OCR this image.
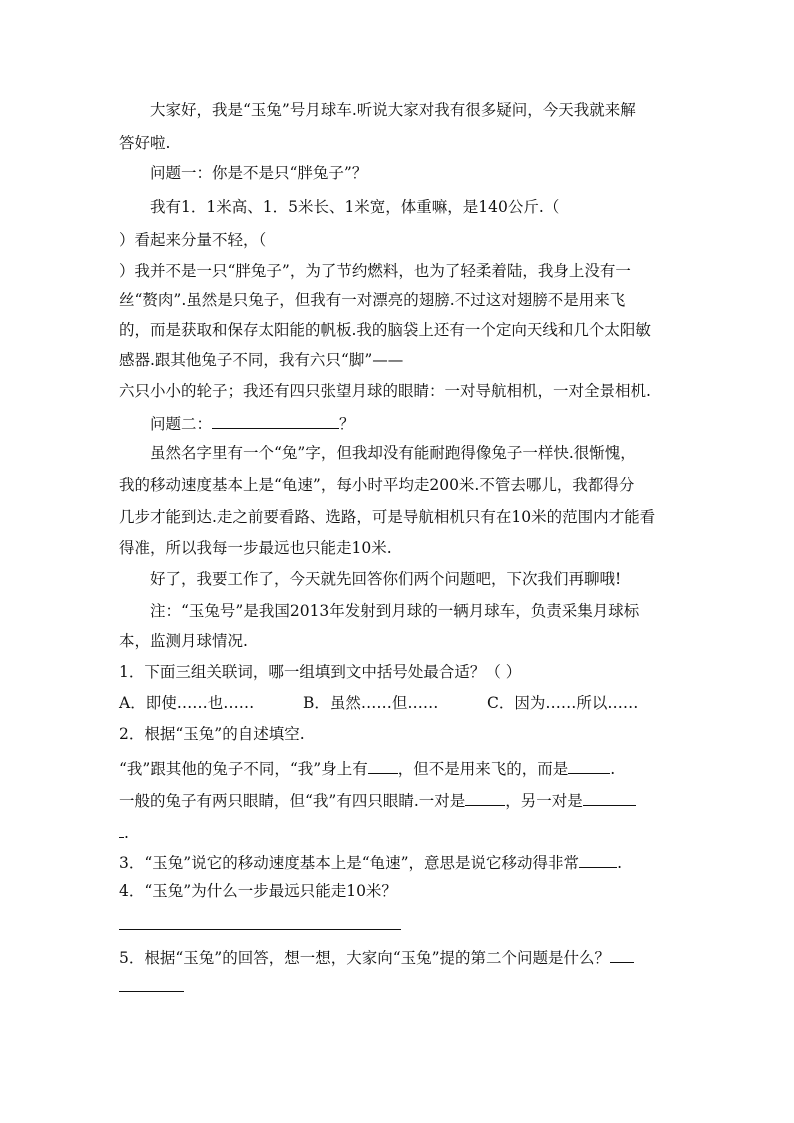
大家好，我是“玉兔”号月球车.听说大家对我有很多疑问，今天我就来解
答好啦.
问题一：你是不是只“胖兔子”？
我有1．1米高、1．5米长、1米宽，体重嘛，是140公斤.（
）看起来分量不轻，（
）我并不是一只“胖兔子”，为了节约燃料，也为了轻柔着陆，我身上没有一
丝“赘肉”.虽然是只兔子，但我有一对漂亮的翅膀.不过这对翅膀不是用来飞
的，而是获取和保存太阳能的帆板.我的脑袋上还有一个定向天线和几个太阳敏
感器.跟其他兔子不同，我有六只“脚”——
六只小小的轮子；我还有四只张望月球的眼睛：一对导航相机，一对全景相机.
问题二：	？
虽然名字里有一个“兔”字，但我却没有能耐跑得像兔子一样快.很惭愧，
我的移动速度基本上是“龟速”，每小时平均走200米.不管去哪儿，我都得分
几步才能到达.走之前要看路、选路，可是导航相机只有在10米的范围内才能看
得准，所以我每一步最远也只能走10米.
好了，我要工作了，今天就先回答你们两个问题吧，下次我们再聊哦!
注：“玉兔号”是我国2013年发射到月球的一辆月球车，负责采集月球标
本，监测月球情况.
1．下面三组关联词，哪一组填到文中括号处最合适？（ ）
A．即使……也……	B．虽然……但……	C．因为……所以……
2．根据“玉兔”的自述填空.
“我”跟其他的兔子不同，“我”身上有 ，但不是用来飞的，而是	.
一般的兔子有两只眼睛，但“我”有四只眼睛.一对是	，另一对是
.
3．“玉兔”说它的移动速度基本上是“龟速”，意思是说它移动得非常 .
4．“玉兔”为什么一步最远只能走10米？
5．根据“玉兔”的回答，想一想，大家向“玉兔”提的第二个问题是什么？
